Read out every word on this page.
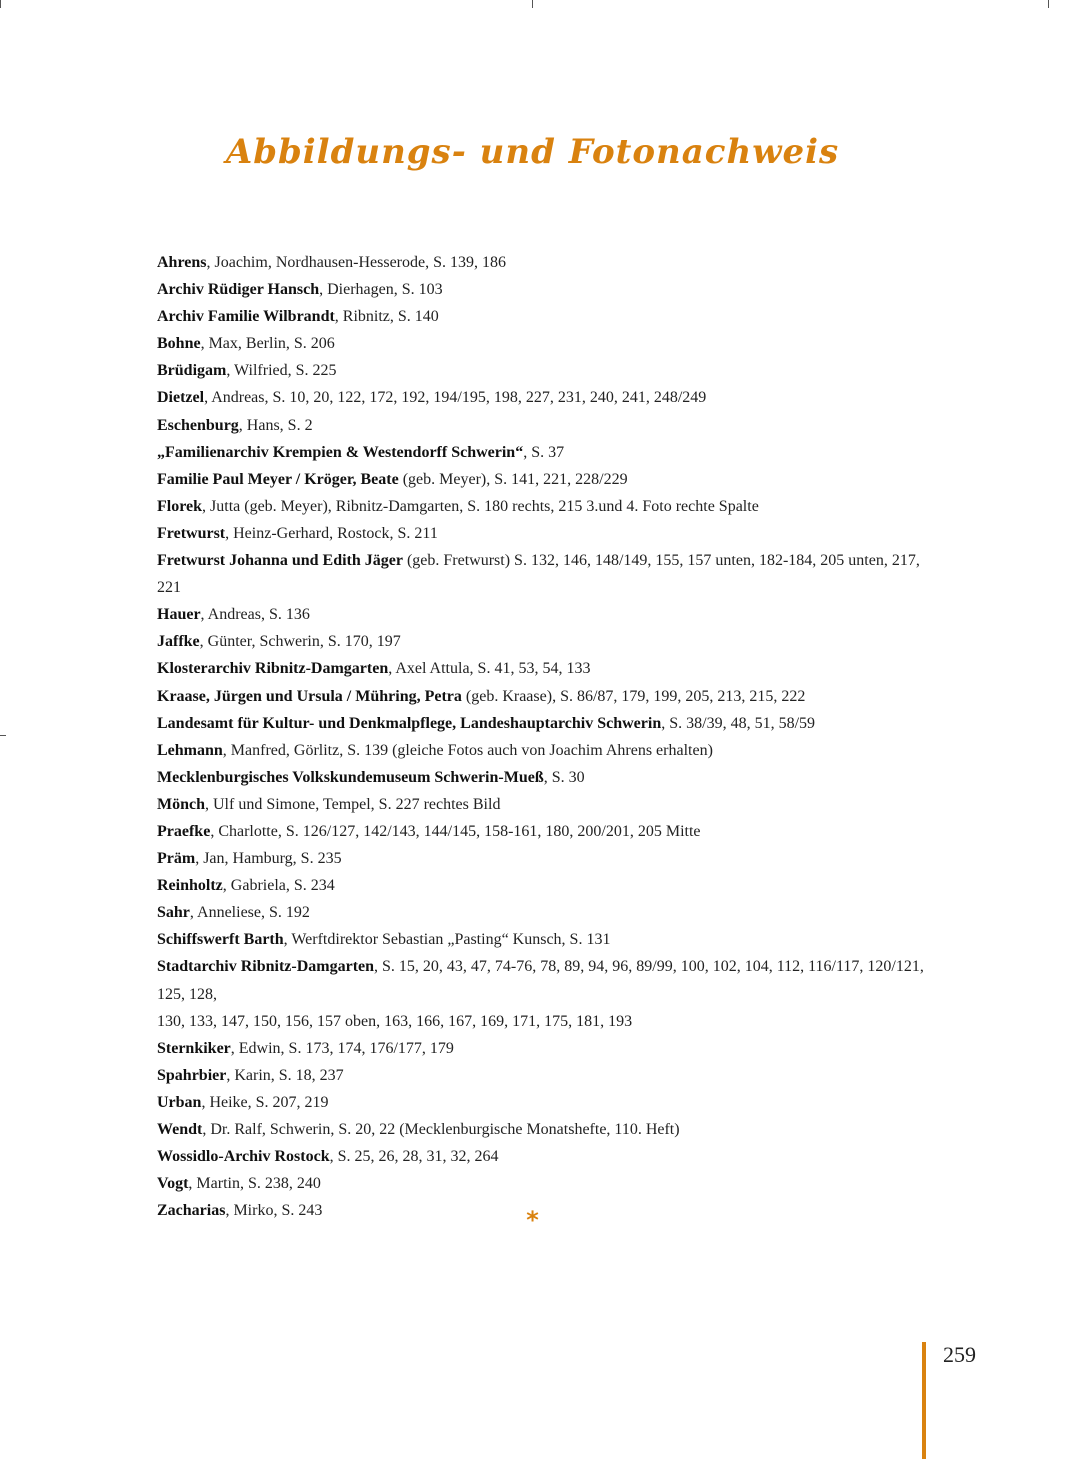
Abbildungs- und Fotonachweis
Ahrens, Joachim, Nordhausen-Hesserode, S. 139, 186
Archiv Rüdiger Hansch, Dierhagen, S. 103
Archiv Familie Wilbrandt, Ribnitz, S. 140
Bohne, Max, Berlin, S. 206
Brüdigam, Wilfried, S. 225
Dietzel, Andreas, S. 10, 20, 122, 172, 192, 194/195, 198, 227, 231, 240, 241, 248/249
Eschenburg, Hans, S. 2
„Familienarchiv Krempien & Westendorff Schwerin“, S. 37
Familie Paul Meyer / Kröger, Beate (geb. Meyer), S. 141, 221, 228/229
Florek, Jutta (geb. Meyer), Ribnitz-Damgarten, S. 180 rechts, 215 3.und 4. Foto rechte Spalte
Fretwurst, Heinz-Gerhard, Rostock, S. 211
Fretwurst Johanna und Edith Jäger (geb. Fretwurst) S. 132, 146, 148/149, 155, 157 unten, 182-184, 205 unten, 217, 221
Hauer, Andreas, S. 136
Jaffke, Günter, Schwerin, S. 170, 197
Klosterarchiv Ribnitz-Damgarten, Axel Attula, S. 41, 53, 54, 133
Kraase, Jürgen und Ursula / Mühring, Petra (geb. Kraase), S. 86/87, 179, 199, 205, 213, 215, 222
Landesamt für Kultur- und Denkmalpflege, Landeshauptarchiv Schwerin, S. 38/39, 48, 51, 58/59
Lehmann, Manfred, Görlitz, S. 139 (gleiche Fotos auch von Joachim Ahrens erhalten)
Mecklenburgisches Volkskundemuseum Schwerin-Mueß, S. 30
Mönch, Ulf und Simone, Tempel, S. 227 rechtes Bild
Praefke, Charlotte, S. 126/127, 142/143, 144/145, 158-161, 180, 200/201, 205 Mitte
Präm, Jan, Hamburg, S. 235
Reinholtz, Gabriela, S. 234
Sahr, Anneliese, S. 192
Schiffswerft Barth, Werftdirektor Sebastian „Pasting“ Kunsch, S. 131
Stadtarchiv Ribnitz-Damgarten, S. 15, 20, 43, 47, 74-76, 78, 89, 94, 96, 89/99, 100, 102, 104, 112, 116/117, 120/121, 125, 128,
130, 133, 147, 150, 156, 157 oben, 163, 166, 167, 169, 171, 175, 181, 193
Sternkiker, Edwin, S. 173, 174, 176/177, 179
Spahrbier, Karin, S. 18, 237
Urban, Heike, S. 207, 219
Wendt, Dr. Ralf, Schwerin, S. 20, 22 (Mecklenburgische Monatshefte, 110. Heft)
Wossidlo-Archiv Rostock, S. 25, 26, 28, 31, 32, 264
Vogt, Martin, S. 238, 240
Zacharias, Mirko, S. 243	*
259
